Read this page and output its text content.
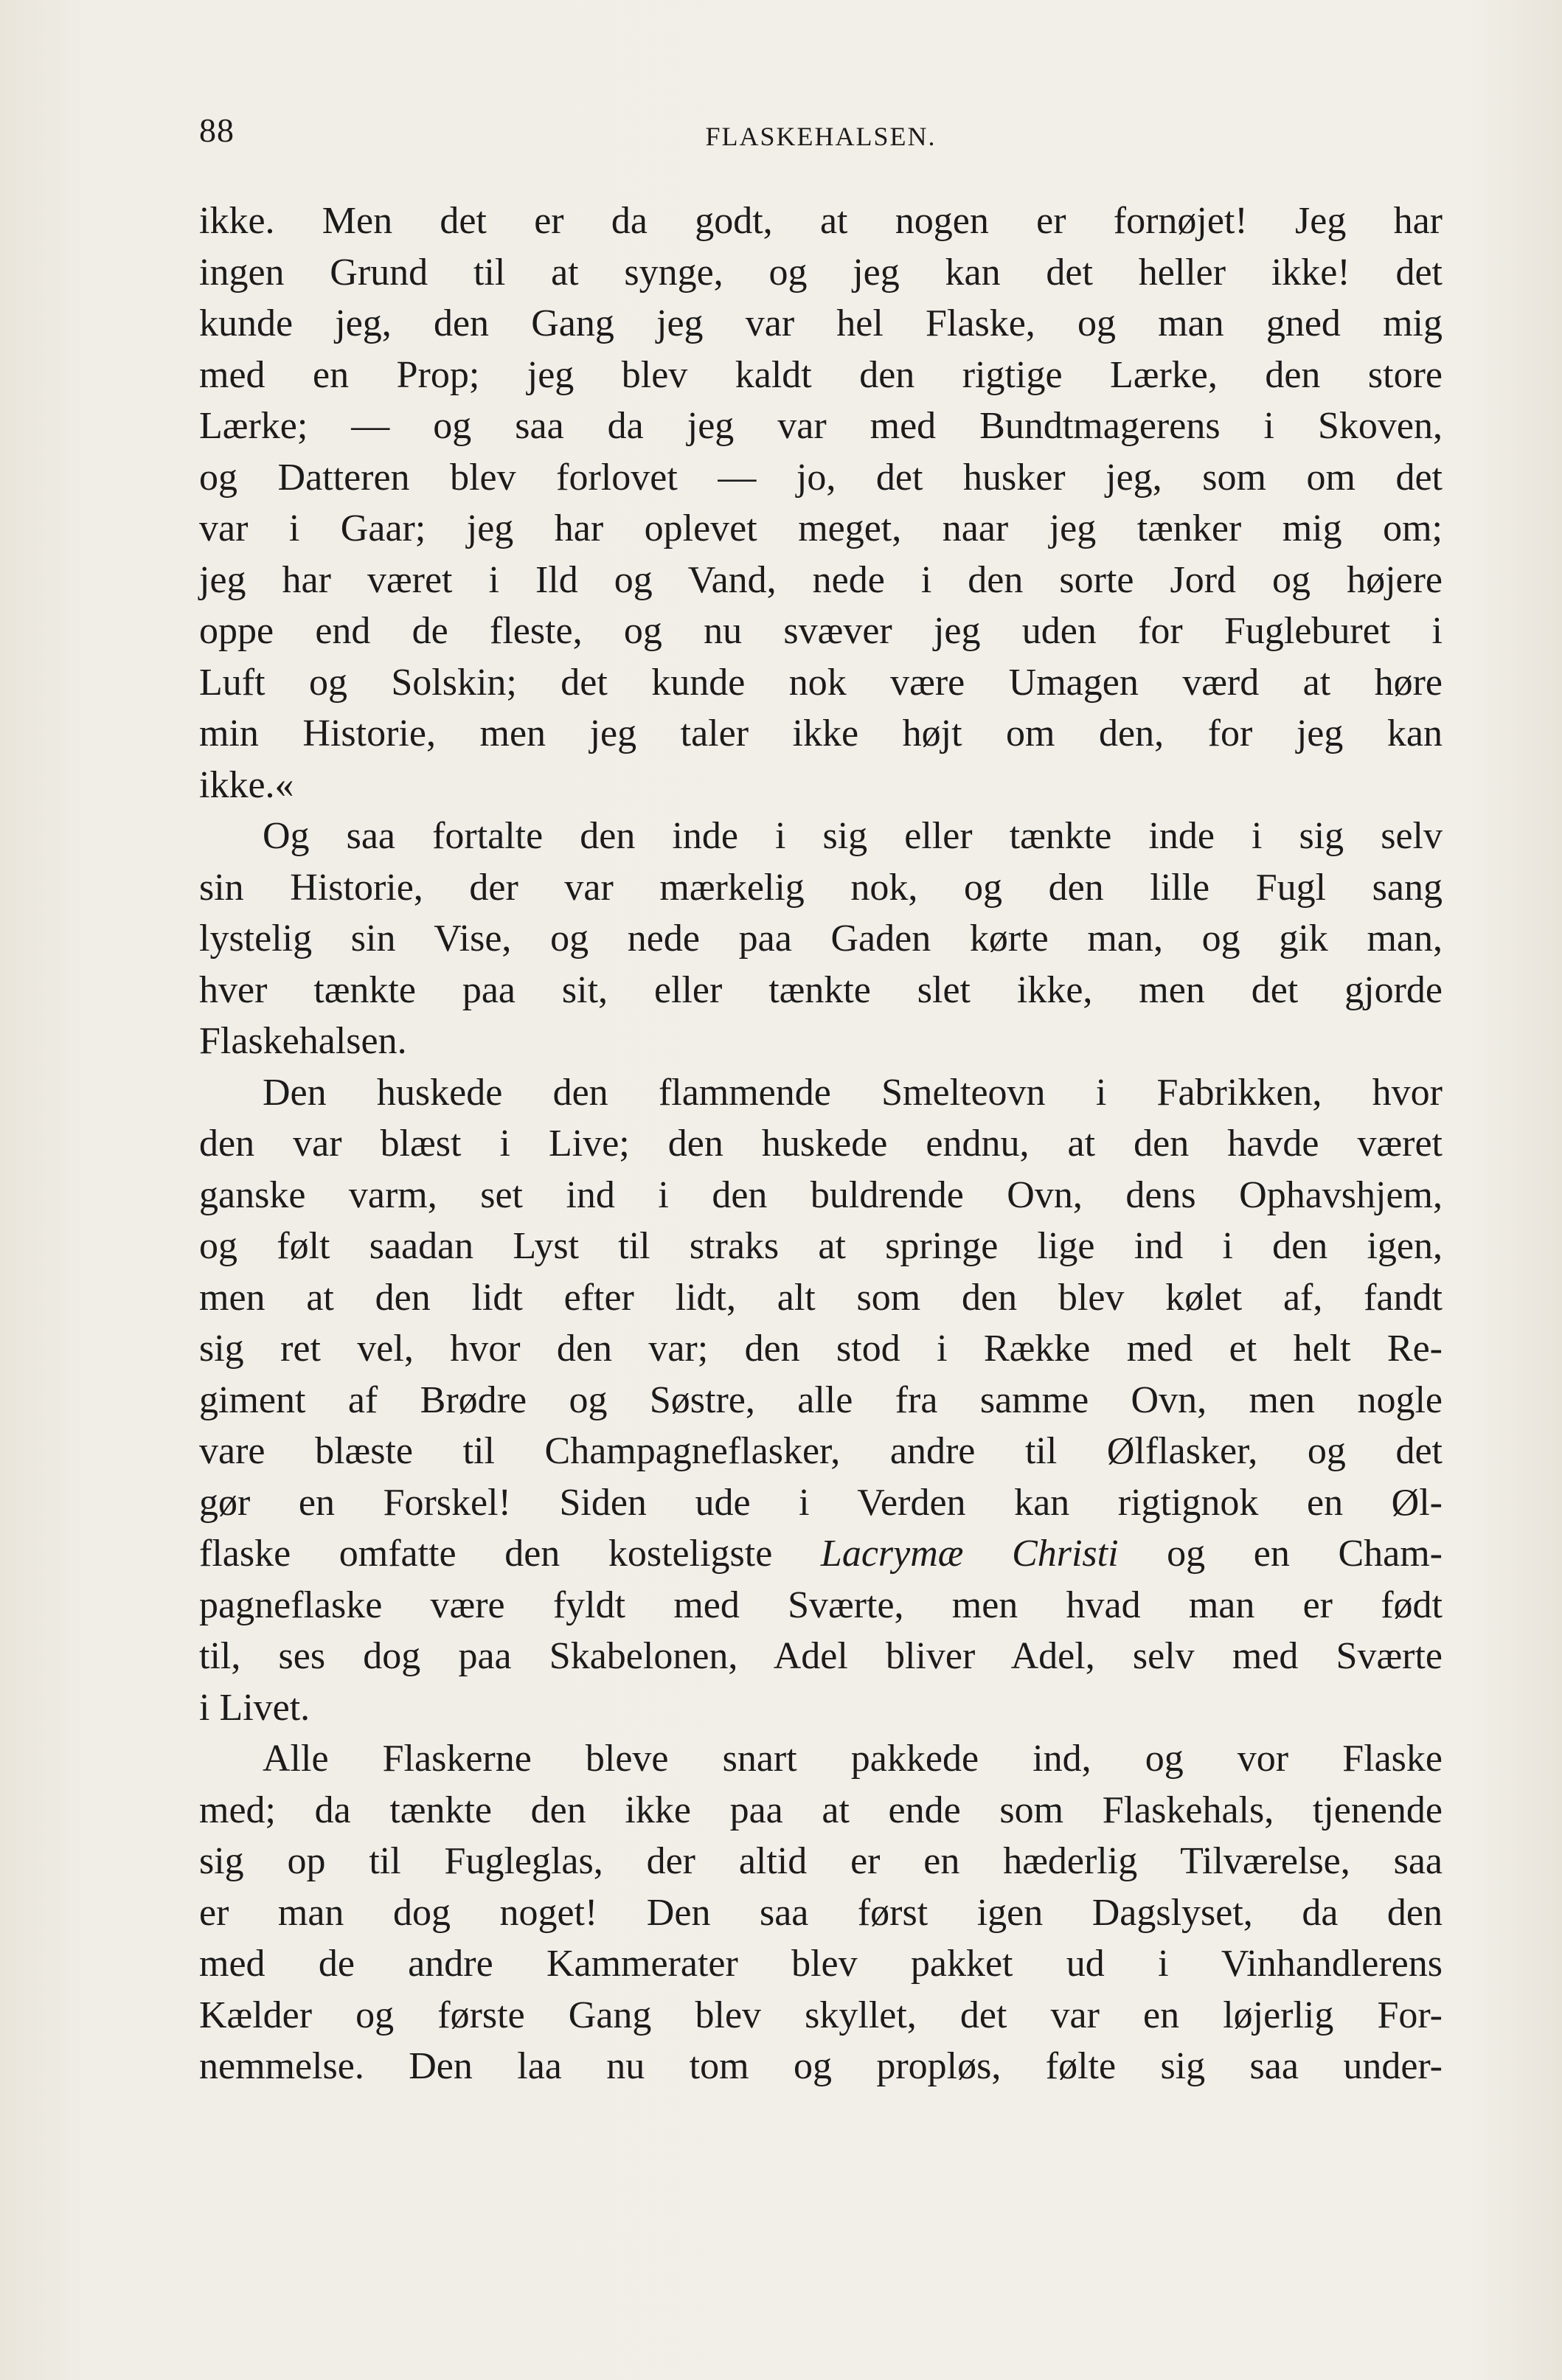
88	FLASKEHALSEN.

ikke. Men det er da godt, at nogen er fornøjet! Jeg har
ingen Grund til at synge, og jeg kan det heller ikke! det
kunde jeg, den Gang jeg var hel Flaske, og man gned mig
med en Prop; jeg blev kaldt den rigtige Lærke, den store
Lærke; — og saa da jeg var med Bundtmagerens i Skoven,
og Datteren blev forlovet — jo, det husker jeg, som om det
var i Gaar; jeg har oplevet meget, naar jeg tænker mig om;
jeg har været i Ild og Vand, nede i den sorte Jord og højere
oppe end de fleste, og nu svæver jeg uden for Fugleburet i
Luft og Solskin; det kunde nok være Umagen værd at høre
min Historie, men jeg taler ikke højt om den, for jeg kan
ikke.«

Og saa fortalte den inde i sig eller tænkte inde i sig selv
sin Historie, der var mærkelig nok, og den lille Fugl sang
lystelig sin Vise, og nede paa Gaden kørte man, og gik man,
hver tænkte paa sit, eller tænkte slet ikke, men det gjorde
Flaskehalsen.

Den huskede den flammende Smelteovn i Fabrikken, hvor
den var blæst i Live; den huskede endnu, at den havde været
ganske varm, set ind i den buldrende Ovn, dens Ophavshjem,
og følt saadan Lyst til straks at springe lige ind i den igen,
men at den lidt efter lidt, alt som den blev kølet af, fandt
sig ret vel, hvor den var; den stod i Række med et helt Re-
giment af Brødre og Søstre, alle fra samme Ovn, men nogle
vare blæste til Champagneflasker, andre til Ølflasker, og det
gør en Forskel! Siden ude i Verden kan rigtignok en Øl-
flaske omfatte den kosteligste Lacrymæ Christi og en Cham-
pagneflaske være fyldt med Sværte, men hvad man er født
til, ses dog paa Skabelonen, Adel bliver Adel, selv med Sværte
i Livet.

Alle Flaskerne bleve snart pakkede ind, og vor Flaske
med; da tænkte den ikke paa at ende som Flaskehals, tjenende
sig op til Fugleglas, der altid er en hæderlig Tilværelse, saa
er man dog noget! Den saa først igen Dagslyset, da den
med de andre Kammerater blev pakket ud i Vinhandlerens
Kælder og første Gang blev skyllet, det var en løjerlig For-
nemmelse. Den laa nu tom og propløs, følte sig saa under-
